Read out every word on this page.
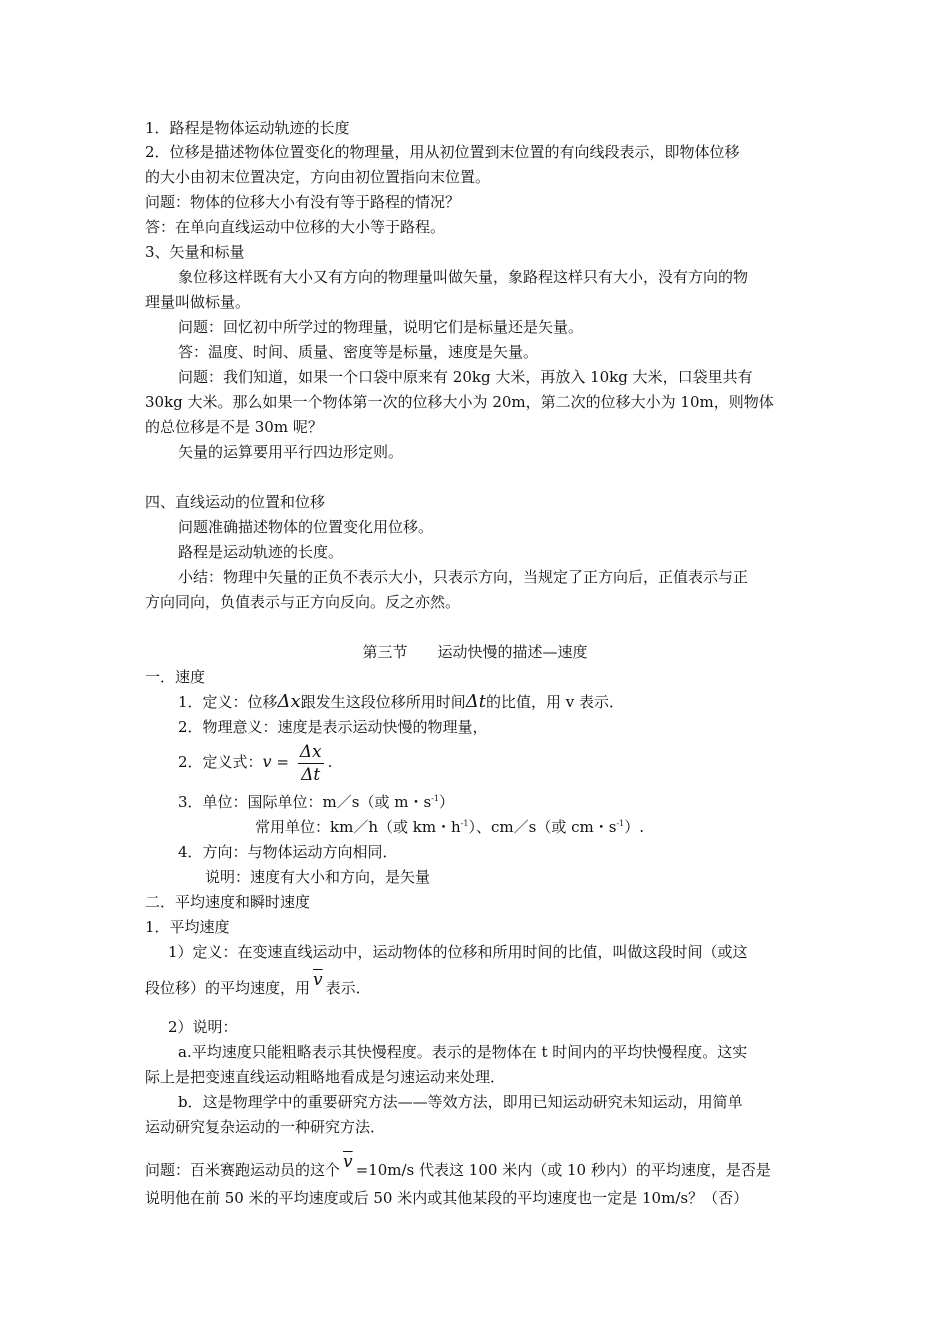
1．路程是物体运动轨迹的长度
2．位移是描述物体位置变化的物理量，用从初位置到末位置的有向线段表示，即物体位移
的大小由初末位置决定，方向由初位置指向末位置。
问题：物体的位移大小有没有等于路程的情况？
答：在单向直线运动中位移的大小等于路程。
3、矢量和标量
象位移这样既有大小又有方向的物理量叫做矢量，象路程这样只有大小，没有方向的物
理量叫做标量。
问题：回忆初中所学过的物理量，说明它们是标量还是矢量。
答：温度、时间、质量、密度等是标量，速度是矢量。
问题：我们知道，如果一个口袋中原来有 20kg 大米，再放入 10kg 大米，口袋里共有
30kg 大米。那么如果一个物体第一次的位移大小为 20m，第二次的位移大小为 10m，则物体
的总位移是不是 30m 呢？
矢量的运算要用平行四边形定则。
四、直线运动的位置和位移
问题准确描述物体的位置变化用位移。
路程是运动轨迹的长度。
小结：物理中矢量的正负不表示大小，只表示方向，当规定了正方向后，正值表示与正
方向同向，负值表示与正方向反向。反之亦然。
第三节　　运动快慢的描述—速度
一．速度
1．定义：位移Δx跟发生这段位移所用时间Δt的比值，用 v 表示．
2．物理意义：速度是表示运动快慢的物理量，
2．定义式：$v = \frac{\Delta x}{\Delta t}$ .
3．单位：国际单位：m／s（或 m・$s^{-1}$）
常用单位：km／h（或 km・$h^{-1}$）、cm／s（或 cm・$s^{-1}$）.
4．方向：与物体运动方向相同．
说明：速度有大小和方向，是矢量
二．平均速度和瞬时速度
1．平均速度
1）定义：在变速直线运动中，运动物体的位移和所用时间的比值，叫做这段时间（或这
段位移）的平均速度，用 $\overline{v}$ 表示．
2）说明：
a.平均速度只能粗略表示其快慢程度。表示的是物体在 t 时间内的平均快慢程度。这实
际上是把变速直线运动粗略地看成是匀速运动来处理．
b．这是物理学中的重要研究方法——等效方法，即用已知运动研究未知运动，用简单
运动研究复杂运动的一种研究方法．
问题：百米赛跑运动员的这个 $\overline{v} =10m/s$ 代表这 100 米内（或 10 秒内）的平均速度，是否是
说明他在前 50 米的平均速度或后 50 米内或其他某段的平均速度也一定是 10m/s？（否）
